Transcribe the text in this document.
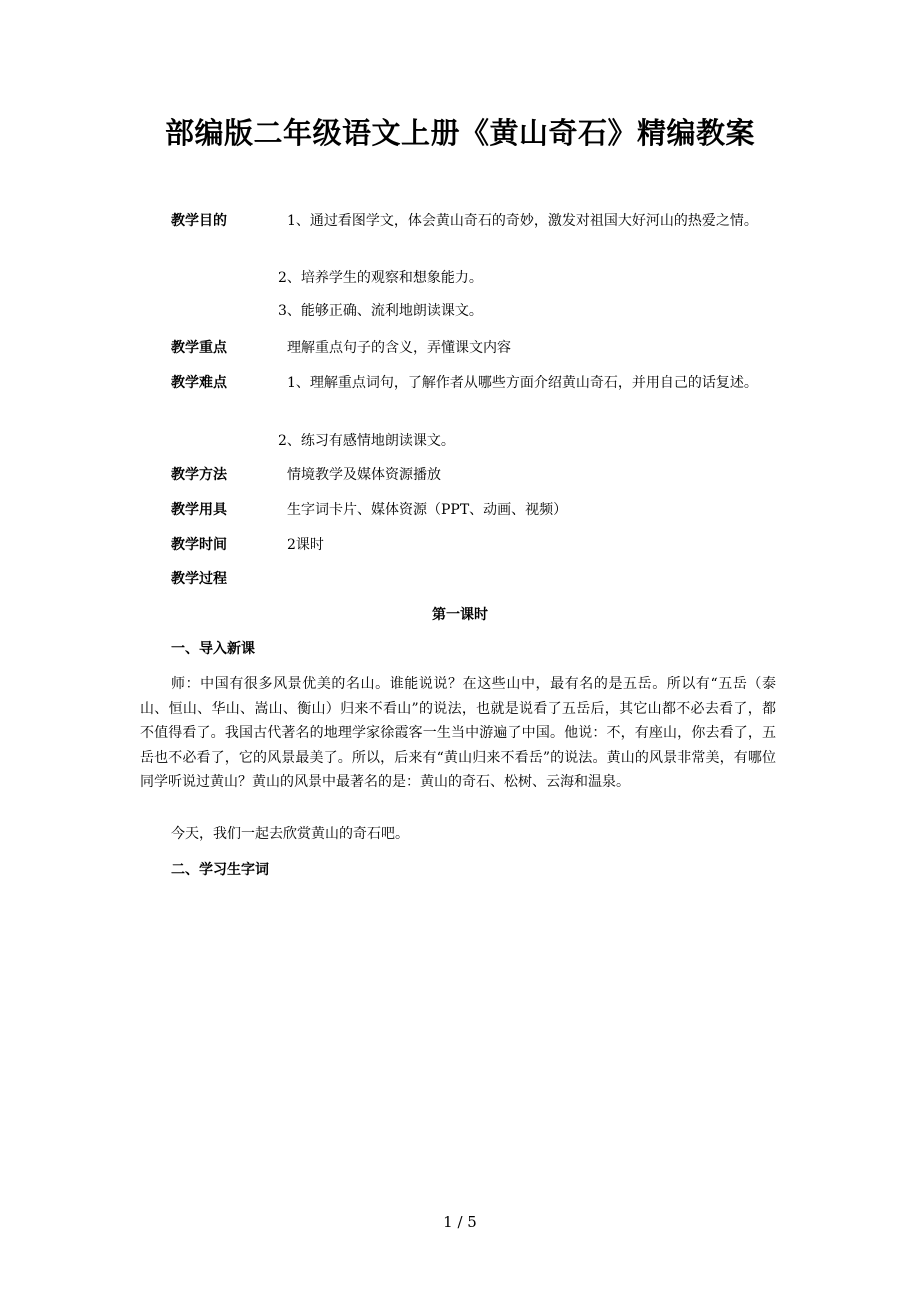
部编版二年级语文上册《黄山奇石》精编教案
教学目的	1、通过看图学文，体会黄山奇石的奇妙，激发对祖国大好河山的热爱之情。
2、培养学生的观察和想象能力。
3、能够正确、流利地朗读课文。
教学重点	理解重点句子的含义，弄懂课文内容
教学难点	1、理解重点词句，了解作者从哪些方面介绍黄山奇石，并用自己的话复述。
2、练习有感情地朗读课文。
教学方法	情境教学及媒体资源播放
教学用具	生字词卡片、媒体资源（PPT、动画、视频）
教学时间	2课时
教学过程
第一课时
一、导入新课
师：中国有很多风景优美的名山。谁能说说？在这些山中，最有名的是五岳。所以有“五岳（泰山、恒山、华山、嵩山、衡山）归来不看山”的说法，也就是说看了五岳后，其它山都不必去看了，都不值得看了。我国古代著名的地理学家徐霞客一生当中游遍了中国。他说：不，有座山，你去看了，五岳也不必看了，它的风景最美了。所以，后来有“黄山归来不看岳”的说法。黄山的风景非常美，有哪位同学听说过黄山？黄山的风景中最著名的是：黄山的奇石、松树、云海和温泉。
今天，我们一起去欣赏黄山的奇石吧。
二、学习生字词
1 / 5
